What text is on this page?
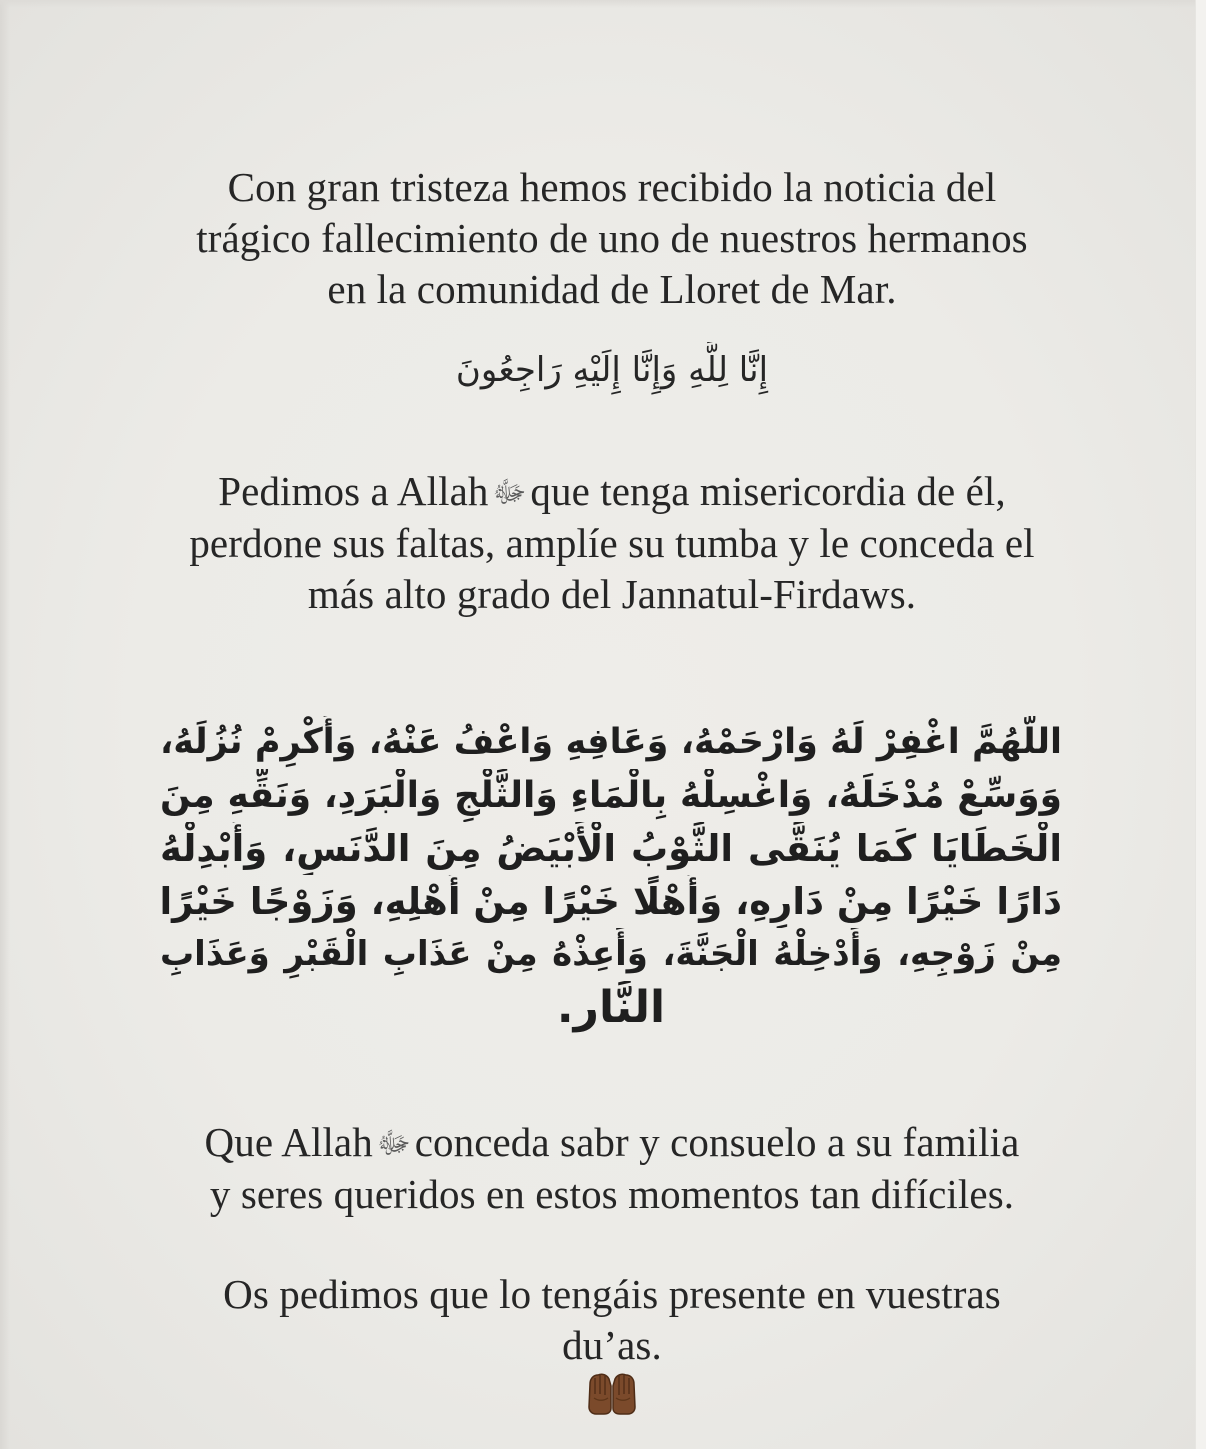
Con gran tristeza hemos recibido la noticia del
trágico fallecimiento de uno de nuestros hermanos
en la comunidad de Lloret de Mar.
إِنَّا لِلَّهِ وَإِنَّا إِلَيْهِ رَاجِعُونَ
Pedimos a Allah ﷻque tenga misericordia de él,
perdone sus faltas, amplíe su tumba y le conceda el
más alto grado del Jannatul-Firdaws.
اللَّهُمَّ اغْفِرْ لَهُ وَارْحَمْهُ، وَعَافِهِ وَاعْفُ عَنْهُ، وَأَكْرِمْ نُزُلَهُ،
وَوَسِّعْ مُدْخَلَهُ، وَاغْسِلْهُ بِالْمَاءِ وَالثَّلْجِ وَالْبَرَدِ، وَنَقِّهِ مِنَ
الْخَطَايَا كَمَا يُنَقَّى الثَّوْبُ الْأَبْيَضُ مِنَ الدَّنَسِ، وَأَبْدِلْهُ
دَارًا خَيْرًا مِنْ دَارِهِ، وَأَهْلًا خَيْرًا مِنْ أَهْلِهِ، وَزَوْجًا خَيْرًا
مِنْ زَوْجِهِ، وَأَدْخِلْهُ الْجَنَّةَ، وَأَعِذْهُ مِنْ عَذَابِ الْقَبْرِ وَعَذَابِ
النَّارِ.
Que Allah ﷻconceda sabr y consuelo a su familia
y seres queridos en estos momentos tan difíciles.
Os pedimos que lo tengáis presente en vuestras
du’as.
